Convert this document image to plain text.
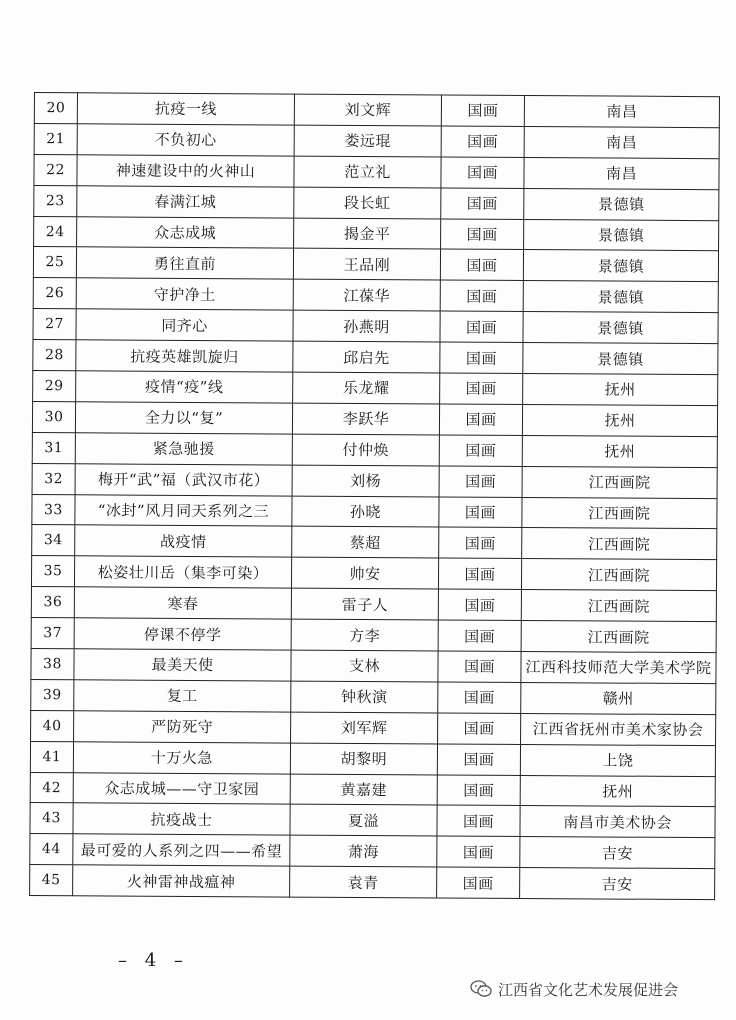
20	抗疫一线	刘文辉	国画	南昌
21	不负初心	娄远琨	国画	南昌
22	神速建设中的火神山	范立礼	国画	南昌
23	春满江城	段长虹	国画	景德镇
24	众志成城	揭金平	国画	景德镇
25	勇往直前	王品刚	国画	景德镇
26	守护净土	江葆华	国画	景德镇
27	同齐心	孙燕明	国画	景德镇
28	抗疫英雄凯旋归	邱启先	国画	景德镇
29	疫情“疫”线	乐龙耀	国画	抚州
30	全力以“复”	李跃华	国画	抚州
31	紧急驰援	付仲焕	国画	抚州
32	梅开“武”福（武汉市花）	刘杨	国画	江西画院
33	“冰封”风月同天系列之三	孙晓	国画	江西画院
34	战疫情	蔡超	国画	江西画院
35	松姿壮川岳（集李可染）	帅安	国画	江西画院
36	寒春	雷子人	国画	江西画院
37	停课不停学	方李	国画	江西画院
38	最美天使	支林	国画	江西科技师范大学美术学院
39	复工	钟秋演	国画	赣州
40	严防死守	刘军辉	国画	江西省抚州市美术家协会
41	十万火急	胡黎明	国画	上饶
42	众志成城——守卫家园	黄嘉建	国画	抚州
43	抗疫战士	夏溢	国画	南昌市美术协会
44	最可爱的人系列之四——希望	萧海	国画	吉安
45	火神雷神战瘟神	袁青	国画	吉安
– 4 –
江西省文化艺术发展促进会
